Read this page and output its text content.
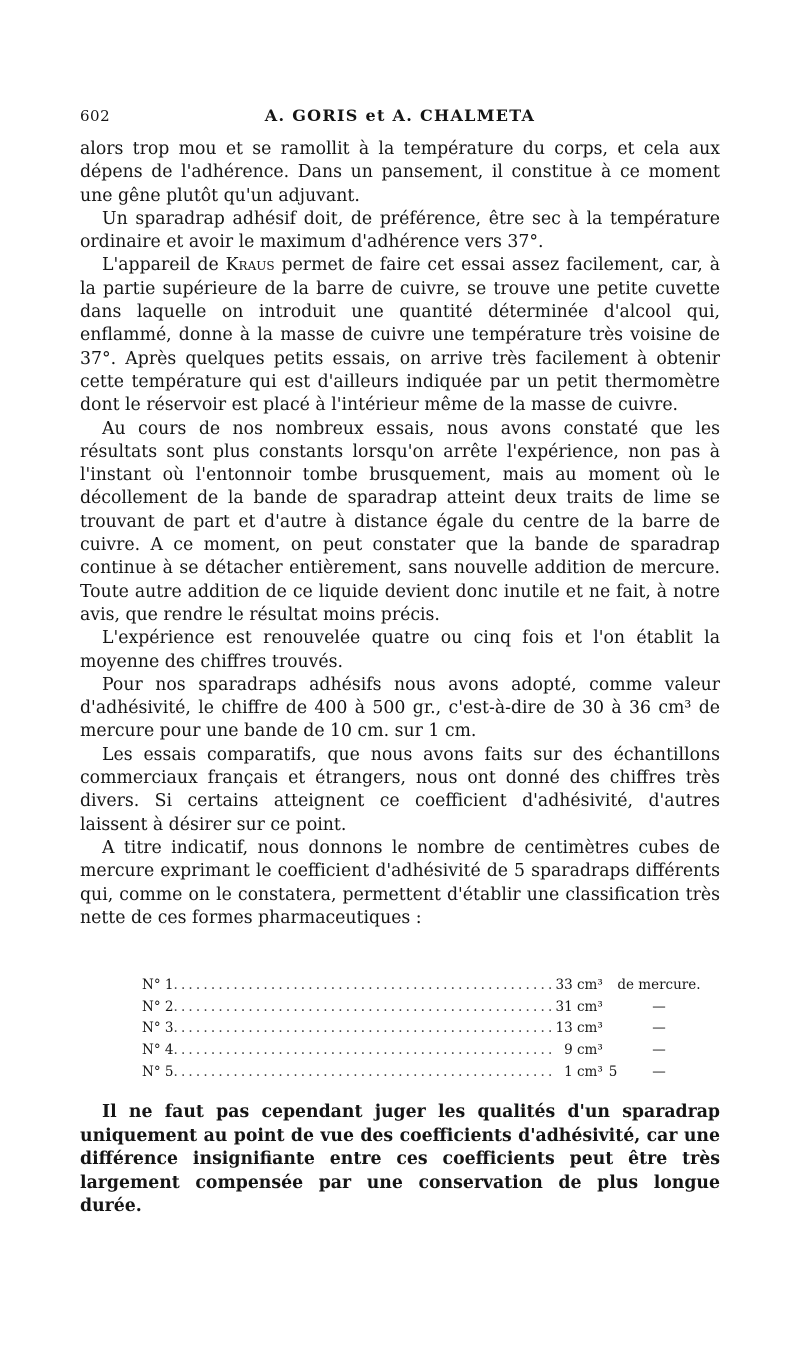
602	A. GORIS et A. CHALMETA

alors trop mou et se ramollit à la température du corps, et cela aux dépens de l'adhérence. Dans un pansement, il constitue à ce moment une gêne plutôt qu'un adjuvant.

Un sparadrap adhésif doit, de préférence, être sec à la température ordinaire et avoir le maximum d'adhérence vers 37°.

L'appareil de Kraus permet de faire cet essai assez facilement, car, à la partie supérieure de la barre de cuivre, se trouve une petite cuvette dans laquelle on introduit une quantité déterminée d'alcool qui, enflammé, donne à la masse de cuivre une température très voisine de 37°. Après quelques petits essais, on arrive très facilement à obtenir cette température qui est d'ailleurs indiquée par un petit thermomètre dont le réservoir est placé à l'intérieur même de la masse de cuivre.

Au cours de nos nombreux essais, nous avons constaté que les résultats sont plus constants lorsqu'on arrête l'expérience, non pas à l'instant où l'entonnoir tombe brusquement, mais au moment où le décollement de la bande de sparadrap atteint deux traits de lime se trouvant de part et d'autre à distance égale du centre de la barre de cuivre. A ce moment, on peut constater que la bande de sparadrap continue à se détacher entièrement, sans nouvelle addition de mercure. Toute autre addition de ce liquide devient donc inutile et ne fait, à notre avis, que rendre le résultat moins précis.

L'expérience est renouvelée quatre ou cinq fois et l'on établit la moyenne des chiffres trouvés.

Pour nos sparadraps adhésifs nous avons adopté, comme valeur d'adhésivité, le chiffre de 400 à 500 gr., c'est-à-dire de 30 à 36 cm³ de mercure pour une bande de 10 cm. sur 1 cm.

Les essais comparatifs, que nous avons faits sur des échantillons commerciaux français et étrangers, nous ont donné des chiffres très divers. Si certains atteignent ce coefficient d'adhésivité, d'autres laissent à désirer sur ce point.

A titre indicatif, nous donnons le nombre de centimètres cubes de mercure exprimant le coefficient d'adhésivité de 5 sparadraps différents qui, comme on le constatera, permettent d'établir une classification très nette de ces formes pharmaceutiques :

N° 1	...................................................	33 cm³		de mercure.
N° 2	...................................................	31 cm³		—
N° 3	...................................................	13 cm³		—
N° 4	...................................................	9 cm³		—
N° 5	...................................................	1 cm³	5	—

Il ne faut pas cependant juger les qualités d'un sparadrap uniquement au point de vue des coefficients d'adhésivité, car une différence insignifiante entre ces coefficients peut être très largement compensée par une conservation de plus longue durée.
